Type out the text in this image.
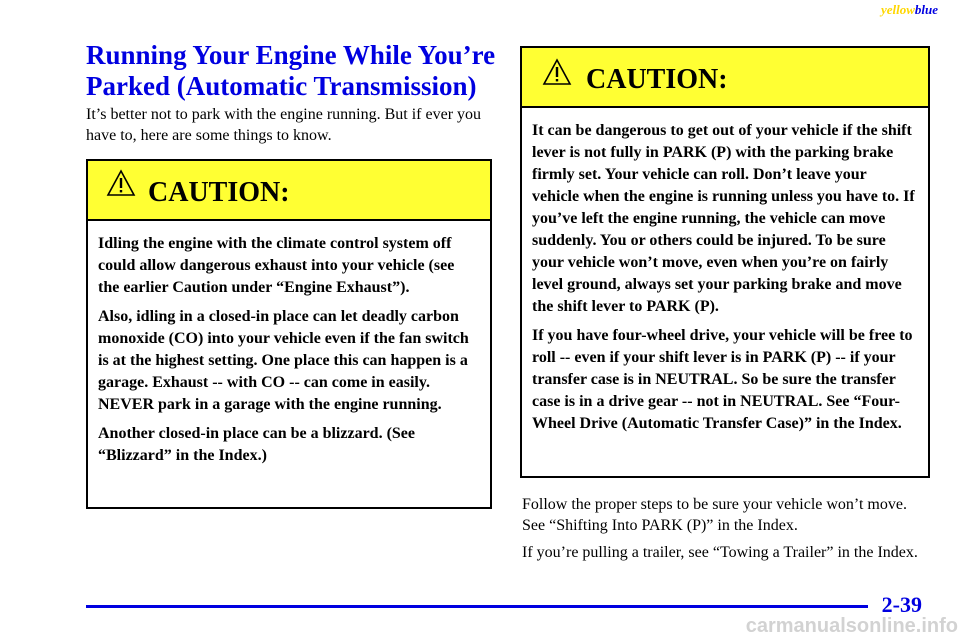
yellowblue
Running Your Engine While You’re
Parked (Automatic Transmission)

It’s better not to park with the engine running. But if ever you have to, here are some things to know.

CAUTION:

Idling the engine with the climate control system off could allow dangerous exhaust into your vehicle (see the earlier Caution under “Engine Exhaust”).

Also, idling in a closed-in place can let deadly carbon monoxide (CO) into your vehicle even if the fan switch is at the highest setting. One place this can happen is a garage. Exhaust -- with CO -- can come in easily. NEVER park in a garage with the engine running.

Another closed-in place can be a blizzard. (See “Blizzard” in the Index.)

CAUTION:

It can be dangerous to get out of your vehicle if the shift lever is not fully in PARK (P) with the parking brake firmly set. Your vehicle can roll. Don’t leave your vehicle when the engine is running unless you have to. If you’ve left the engine running, the vehicle can move suddenly. You or others could be injured. To be sure your vehicle won’t move, even when you’re on fairly level ground, always set your parking brake and move the shift lever to PARK (P).

If you have four-wheel drive, your vehicle will be free to roll -- even if your shift lever is in PARK (P) -- if your transfer case is in NEUTRAL. So be sure the transfer case is in a drive gear -- not in NEUTRAL. See “Four-Wheel Drive (Automatic Transfer Case)” in the Index.

Follow the proper steps to be sure your vehicle won’t move. See “Shifting Into PARK (P)” in the Index.

If you’re pulling a trailer, see “Towing a Trailer” in the Index.

2-39
carmanualsonline.info
